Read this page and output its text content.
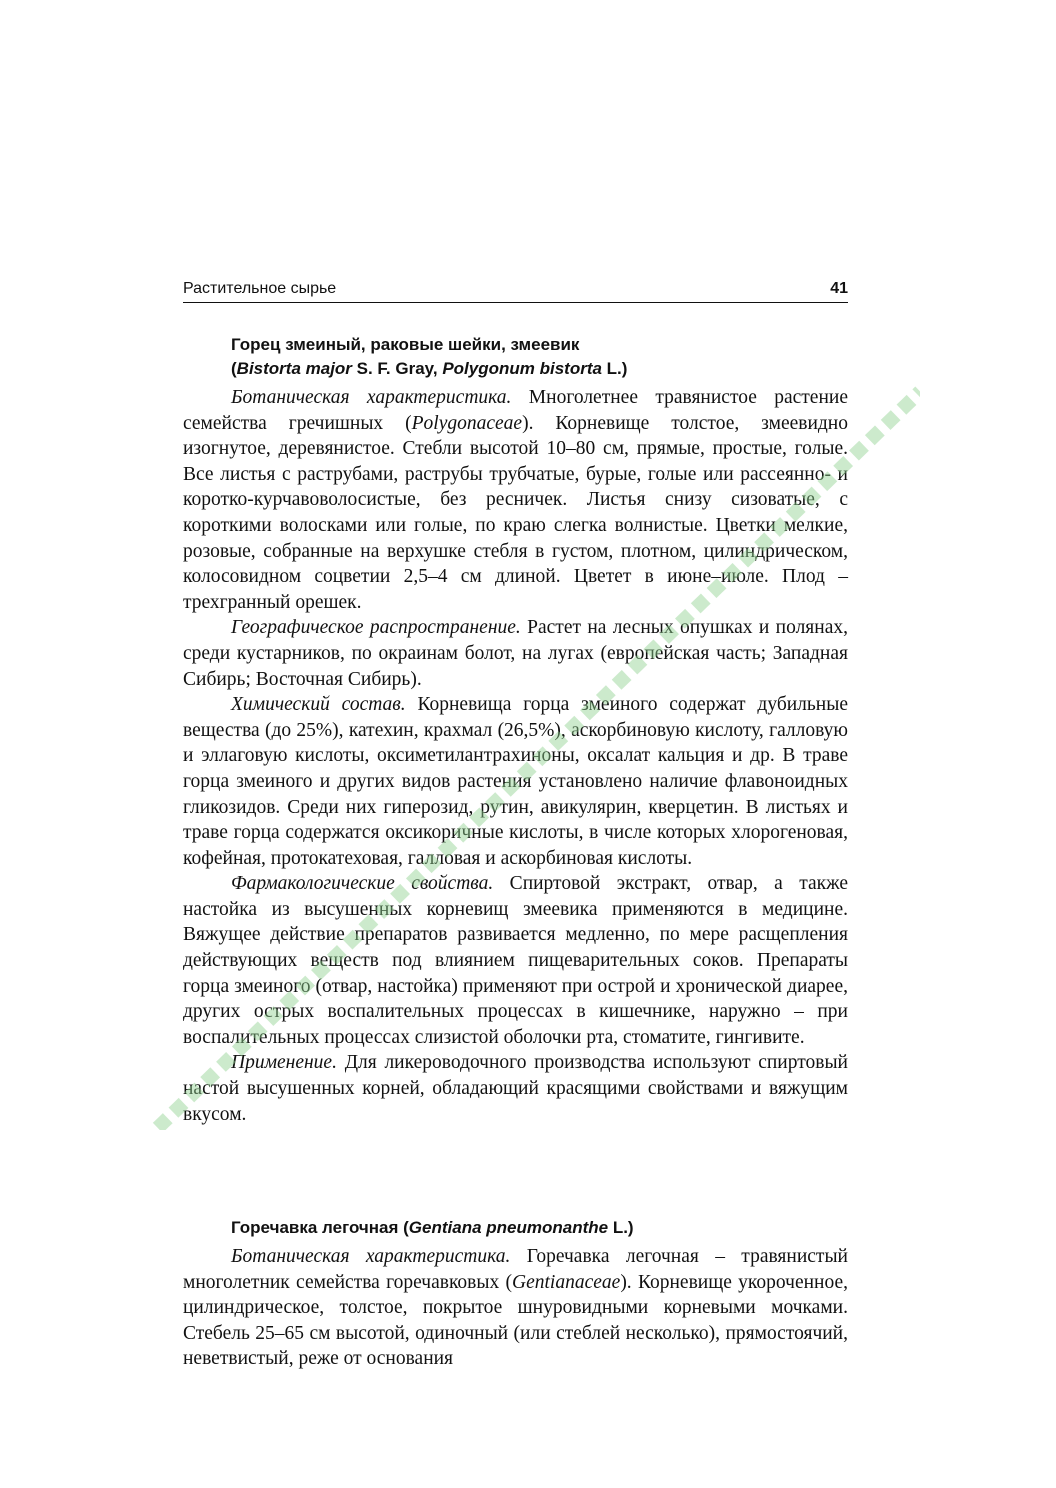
Растительное сырье	41
Горец змеиный, раковые шейки, змеевик
(Bistorta major S. F. Gray, Polygonum bistorta L.)

Ботаническая характеристика. Многолетнее травянистое растение семейства гречишных (Polygonaceae). Корневище толстое, змеевидно изогнутое, деревянистое. Стебли высотой 10–80 см, прямые, простые, голые. Все листья с раструбами, раструбы трубчатые, бурые, голые или рассеянно- и коротко-курчавоволосистые, без ресничек. Листья снизу сизоватые, с короткими волосками или голые, по краю слегка волнистые. Цветки мелкие, розовые, собранные на верхушке стебля в густом, плотном, цилиндрическом, колосовидном соцветии 2,5–4 см длиной. Цветет в июне–июле. Плод – трехгранный орешек.

Географическое распространение. Растет на лесных опушках и полянах, среди кустарников, по окраинам болот, на лугах (европейская часть; Западная Сибирь; Восточная Сибирь).

Химический состав. Корневища горца змеиного содержат дубильные вещества (до 25%), катехин, крахмал (26,5%), аскорбиновую кислоту, галловую и эллаговую кислоты, оксиметилантрахиноны, оксалат кальция и др. В траве горца змеиного и других видов растения установлено наличие флавоноидных гликозидов. Среди них гиперозид, рутин, авикулярин, кверцетин. В листьях и траве горца содержатся оксикоричные кислоты, в числе которых хлорогеновая, кофейная, протокатеховая, галловая и аскорбиновая кислоты.

Фармакологические свойства. Спиртовой экстракт, отвар, а также настойка из высушенных корневищ змеевика применяются в медицине. Вяжущее действие препаратов развивается медленно, по мере расщепления действующих веществ под влиянием пищеварительных соков. Препараты горца змеиного (отвар, настойка) применяют при острой и хронической диарее, других острых воспалительных процессах в кишечнике, наружно – при воспалительных процессах слизистой оболочки рта, стоматите, гингивите.

Применение. Для ликероводочного производства используют спиртовый настой высушенных корней, обладающий красящими свойствами и вяжущим вкусом.

Горечавка легочная (Gentiana pneumonanthe L.)

Ботаническая характеристика. Горечавка легочная – травянистый многолетник семейства горечавковых (Gentianaceae). Корневище укороченное, цилиндрическое, толстое, покрытое шнуровидными корневыми мочками. Стебель 25–65 см высотой, одиночный (или стеблей несколько), прямостоячий, неветвистый, реже от основания
